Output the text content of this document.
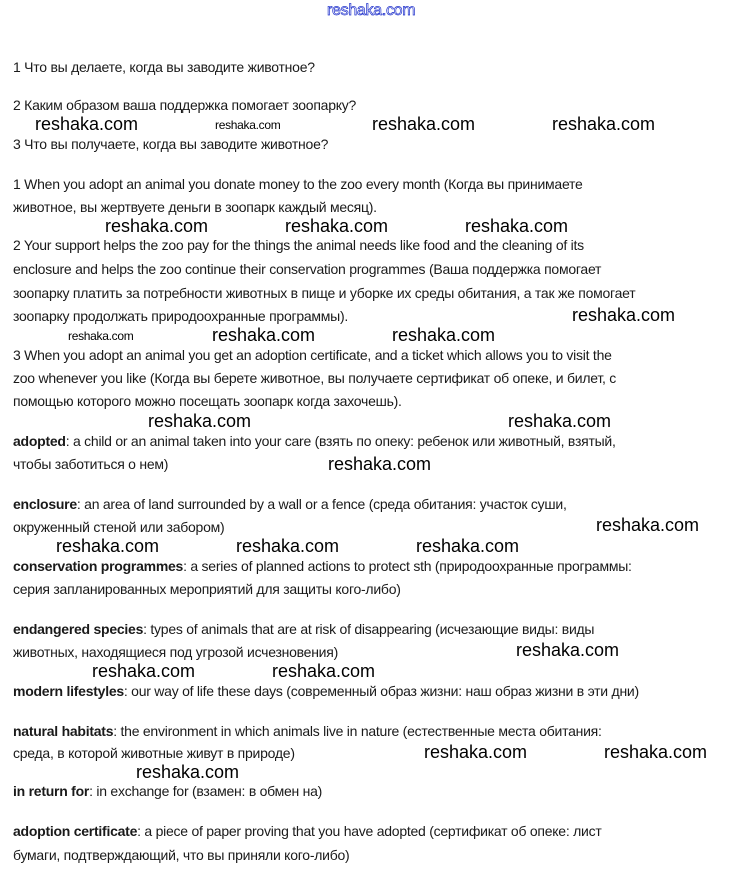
reshaka.com
1 Что вы делаете, когда вы заводите животное?
2 Каким образом ваша поддержка помогает зоопарку?
3 Что вы получаете, когда вы заводите животное?
1 When you adopt an animal you donate money to the zoo every month (Когда вы принимаете
животное, вы жертвуете деньги в зоопарк каждый месяц).
2 Your support helps the zoo pay for the things the animal needs like food and the cleaning of its
enclosure and helps the zoo continue their conservation programmes (Ваша поддержка помогает
зоопарку платить за потребности животных в пище и уборке их среды обитания, а так же помогает
зоопарку продолжать природоохранные программы).
3 When you adopt an animal you get an adoption certificate, and a ticket which allows you to visit the
zoo whenever you like (Когда вы берете животное, вы получаете сертификат об опеке, и билет, с
помощью которого можно посещать зоопарк когда захочешь).
adopted: a child or an animal taken into your care (взять по опеку: ребенок или животный, взятый,
чтобы заботиться о нем)
enclosure: an area of land surrounded by a wall or a fence (среда обитания: участок суши,
окруженный стеной или забором)
conservation programmes: a series of planned actions to protect sth (природоохранные программы:
серия запланированных мероприятий для защиты кого-либо)
endangered species: types of animals that are at risk of disappearing (исчезающие виды: виды
животных, находящиеся под угрозой исчезновения)
modern lifestyles: our way of life these days (современный образ жизни: наш образ жизни в эти дни)
natural habitats: the environment in which animals live in nature (естественные места обитания:
среда, в которой животные живут в природе)
in return for: in exchange for (взамен: в обмен на)
adoption certificate: a piece of paper proving that you have adopted (сертификат об опеке: лист
бумаги, подтверждающий, что вы приняли кого-либо)
reshaka.com	reshaka.com	reshaka.com	reshaka.com
reshaka.com	reshaka.com	reshaka.com
reshaka.com
reshaka.com	reshaka.com	reshaka.com
reshaka.com	reshaka.com
reshaka.com
reshaka.com
reshaka.com	reshaka.com	reshaka.com
reshaka.com
reshaka.com	reshaka.com
reshaka.com
reshaka.com
reshaka.com
